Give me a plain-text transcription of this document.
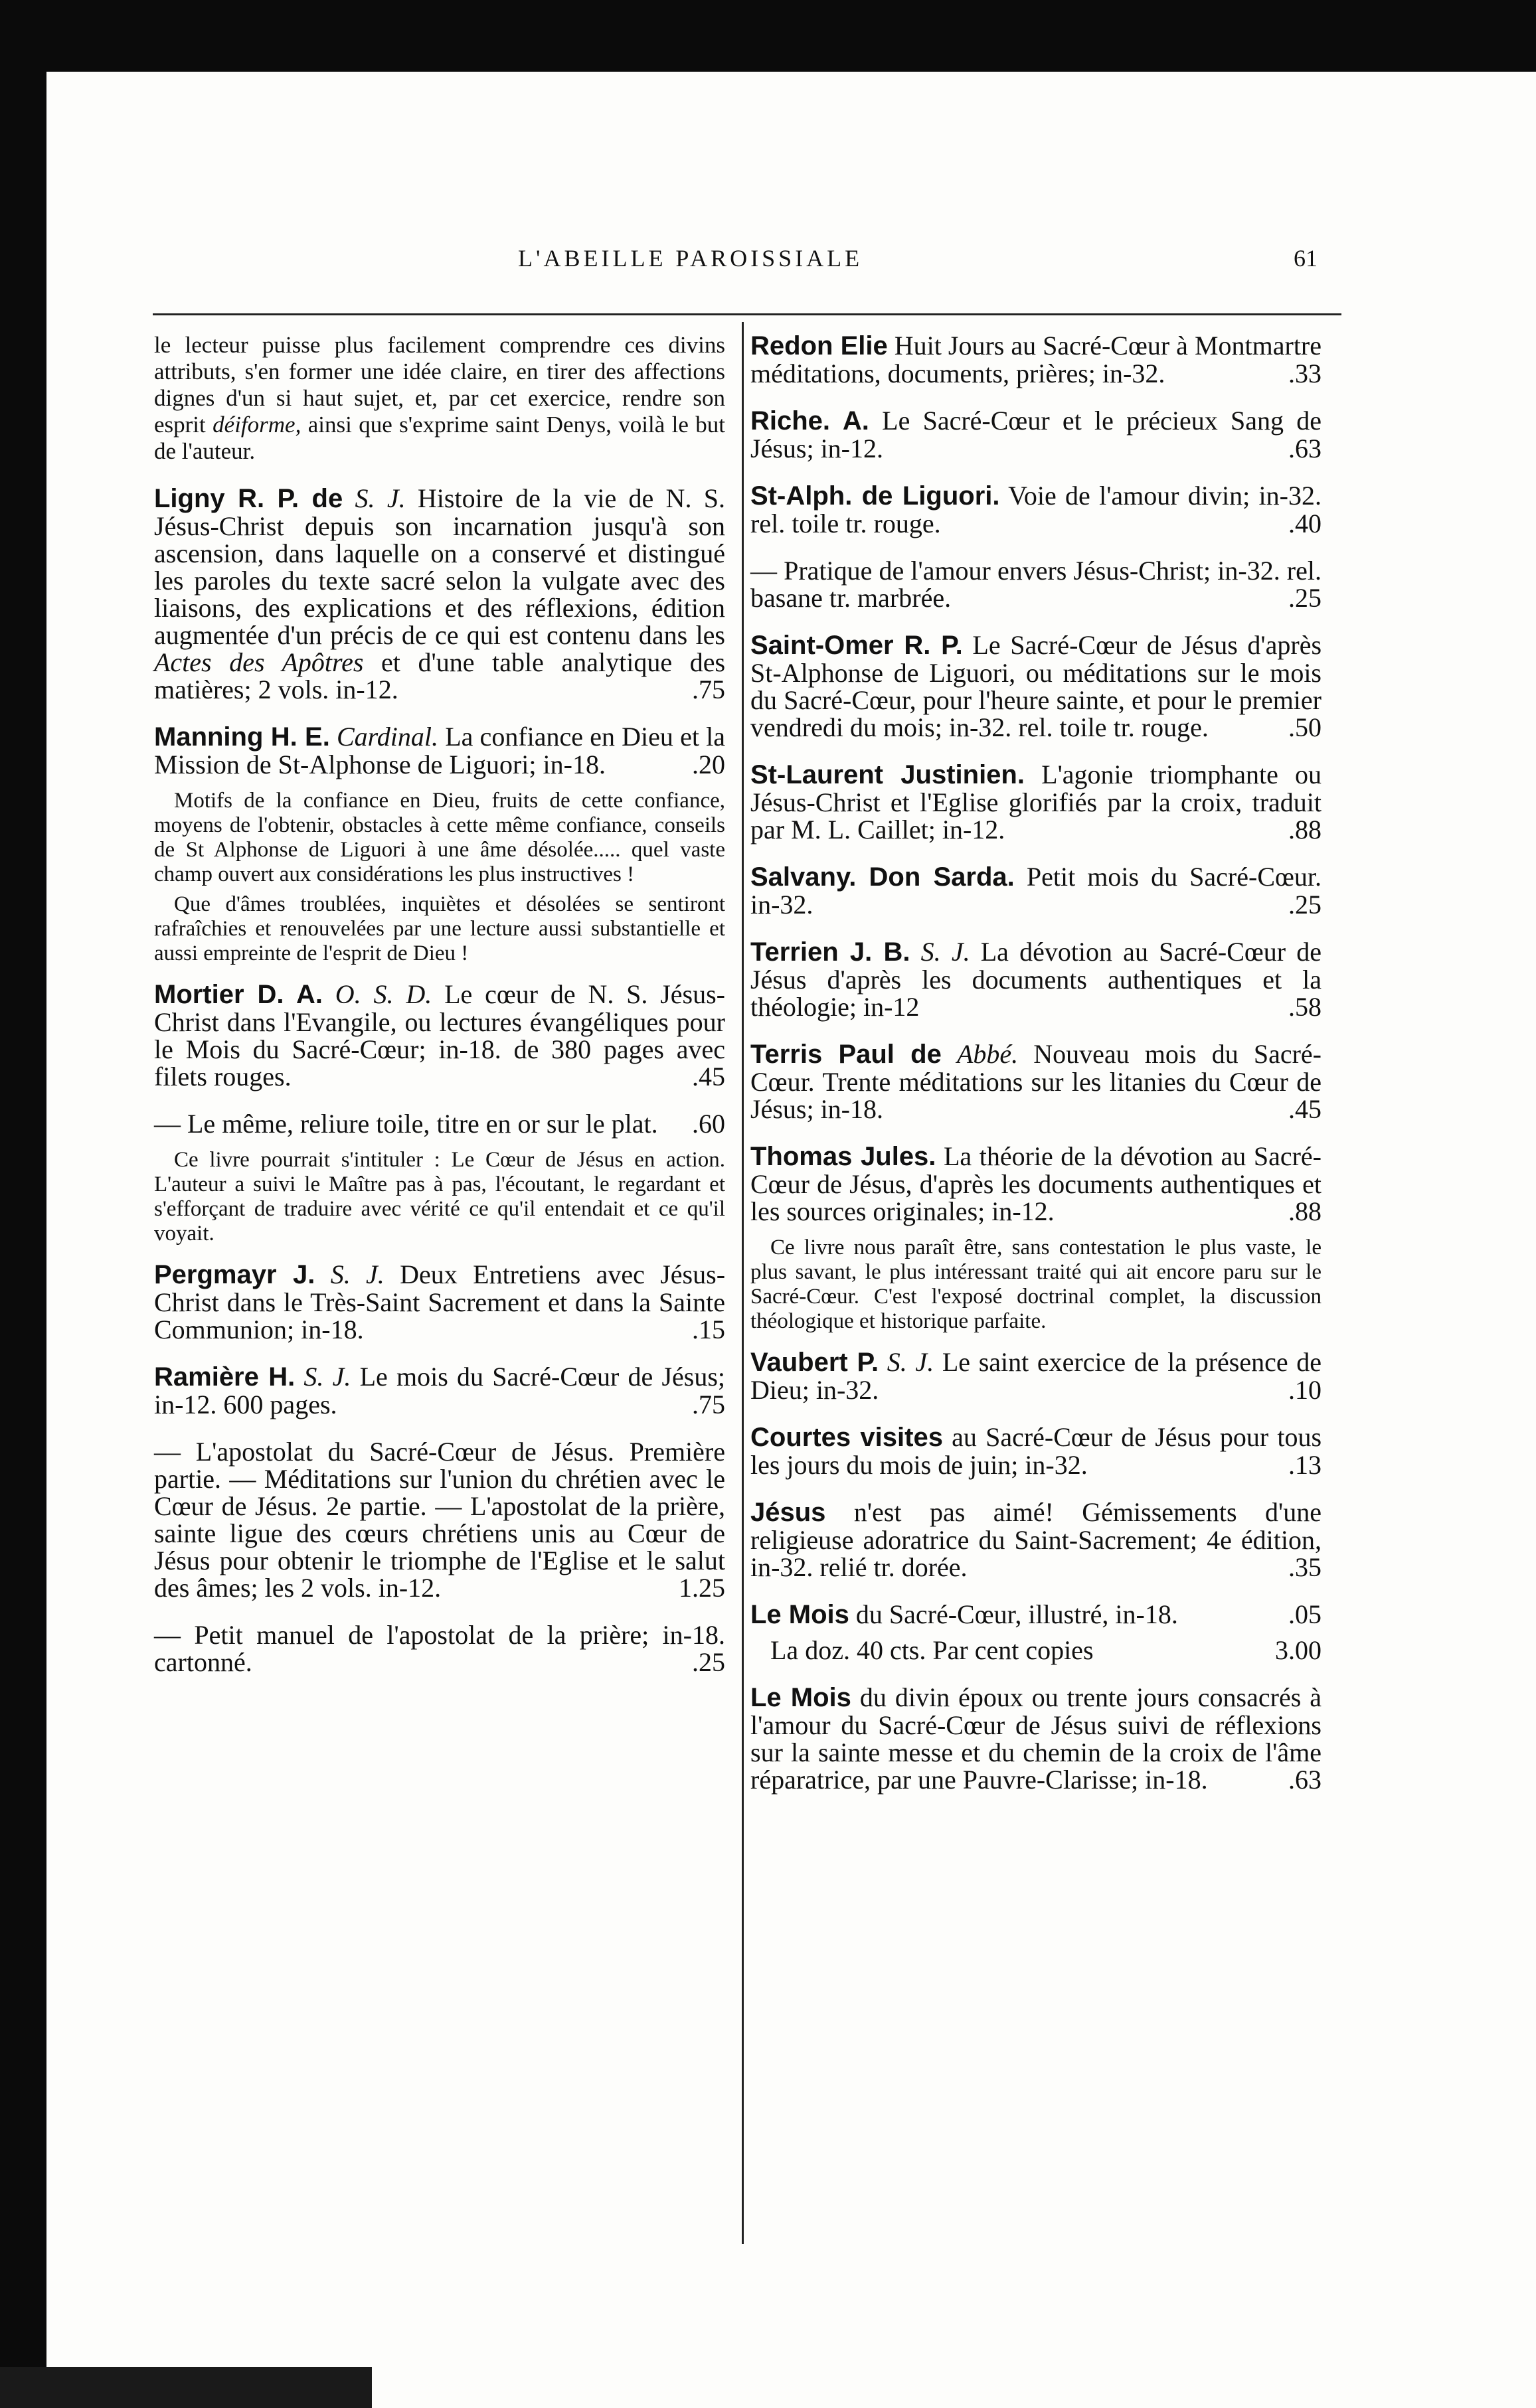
L'ABEILLE PAROISSIALE	61
le lecteur puisse plus facilement comprendre ces divins attributs, s'en former une idée claire, en tirer des affections dignes d'un si haut sujet, et, par cet exercice, rendre son esprit déiforme, ainsi que s'exprime saint Denys, voilà le but de l'auteur.
Ligny R. P. de S. J. Histoire de la vie de N. S. Jésus-Christ depuis son incarnation jusqu'à son ascension, dans laquelle on a conservé et distingué les paroles du texte sacré selon la vulgate avec des liaisons, des explications et des réflexions, édition augmentée d'un précis de ce qui est contenu dans les Actes des Apôtres et d'une table analytique des matières; 2 vols. in-12.	.75
Manning H. E. Cardinal. La confiance en Dieu et la Mission de St-Alphonse de Liguori; in-18.	.20
Motifs de la confiance en Dieu, fruits de cette confiance, moyens de l'obtenir, obstacles à cette même confiance, conseils de St Alphonse de Liguori à une âme désolée..... quel vaste champ ouvert aux considérations les plus instructives !
Que d'âmes troublées, inquiètes et désolées se sentiront rafraîchies et renouvelées par une lecture aussi substantielle et aussi empreinte de l'esprit de Dieu !
Mortier D. A. O. S. D. Le cœur de N. S. Jésus-Christ dans l'Evangile, ou lectures évangéliques pour le Mois du Sacré-Cœur; in-18. de 380 pages avec filets rouges.	.45
— Le même, reliure toile, titre en or sur le plat. .60
Ce livre pourrait s'intituler : Le Cœur de Jésus en action. L'auteur a suivi le Maître pas à pas, l'écoutant, le regardant et s'efforçant de traduire avec vérité ce qu'il entendait et ce qu'il voyait.
Pergmayr J. S. J. Deux Entretiens avec Jésus-Christ dans le Très-Saint Sacrement et dans la Sainte Communion; in-18.	.15
Ramière H. S. J. Le mois du Sacré-Cœur de Jésus; in-12. 600 pages.	.75
— L'apostolat du Sacré-Cœur de Jésus. Première partie. — Méditations sur l'union du chrétien avec le Cœur de Jésus. 2e partie. — L'apostolat de la prière, sainte ligue des cœurs chrétiens unis au Cœur de Jésus pour obtenir le triomphe de l'Eglise et le salut des âmes; les 2 vols. in-12.	1.25
— Petit manuel de l'apostolat de la prière; in-18. cartonné.	.25
Redon Elie Huit Jours au Sacré-Cœur à Montmartre méditations, documents, prières; in-32.	.33
Riche. A. Le Sacré-Cœur et le précieux Sang de Jésus; in-12.	.63
St-Alph. de Liguori. Voie de l'amour divin; in-32. rel. toile tr. rouge.	.40
— Pratique de l'amour envers Jésus-Christ; in-32. rel. basane tr. marbrée.	.25
Saint-Omer R. P. Le Sacré-Cœur de Jésus d'après St-Alphonse de Liguori, ou méditations sur le mois du Sacré-Cœur, pour l'heure sainte, et pour le premier vendredi du mois; in-32. rel. toile tr. rouge.	.50
St-Laurent Justinien. L'agonie triomphante ou Jésus-Christ et l'Eglise glorifiés par la croix, traduit par M. L. Caillet; in-12.	.88
Salvany. Don Sarda. Petit mois du Sacré-Cœur. in-32.	.25
Terrien J. B. S. J. La dévotion au Sacré-Cœur de Jésus d'après les documents authentiques et la théologie; in-12	.58
Terris Paul de Abbé. Nouveau mois du Sacré-Cœur. Trente méditations sur les litanies du Cœur de Jésus; in-18.	.45
Thomas Jules. La théorie de la dévotion au Sacré-Cœur de Jésus, d'après les documents authentiques et les sources originales; in-12.	.88
Ce livre nous paraît être, sans contestation le plus vaste, le plus savant, le plus intéressant traité qui ait encore paru sur le Sacré-Cœur. C'est l'exposé doctrinal complet, la discussion théologique et historique parfaite.
Vaubert P. S. J. Le saint exercice de la présence de Dieu; in-32.	.10
Courtes visites au Sacré-Cœur de Jésus pour tous les jours du mois de juin; in-32.	.13
Jésus n'est pas aimé! Gémissements d'une religieuse adoratrice du Saint-Sacrement; 4e édition, in-32. relié tr. dorée.	.35
Le Mois du Sacré-Cœur, illustré, in-18.	.05
La doz. 40 cts. Par cent copies	3.00
Le Mois du divin époux ou trente jours consacrés à l'amour du Sacré-Cœur de Jésus suivi de réflexions sur la sainte messe et du chemin de la croix de l'âme réparatrice, par une Pauvre-Clarisse; in-18.	.63
